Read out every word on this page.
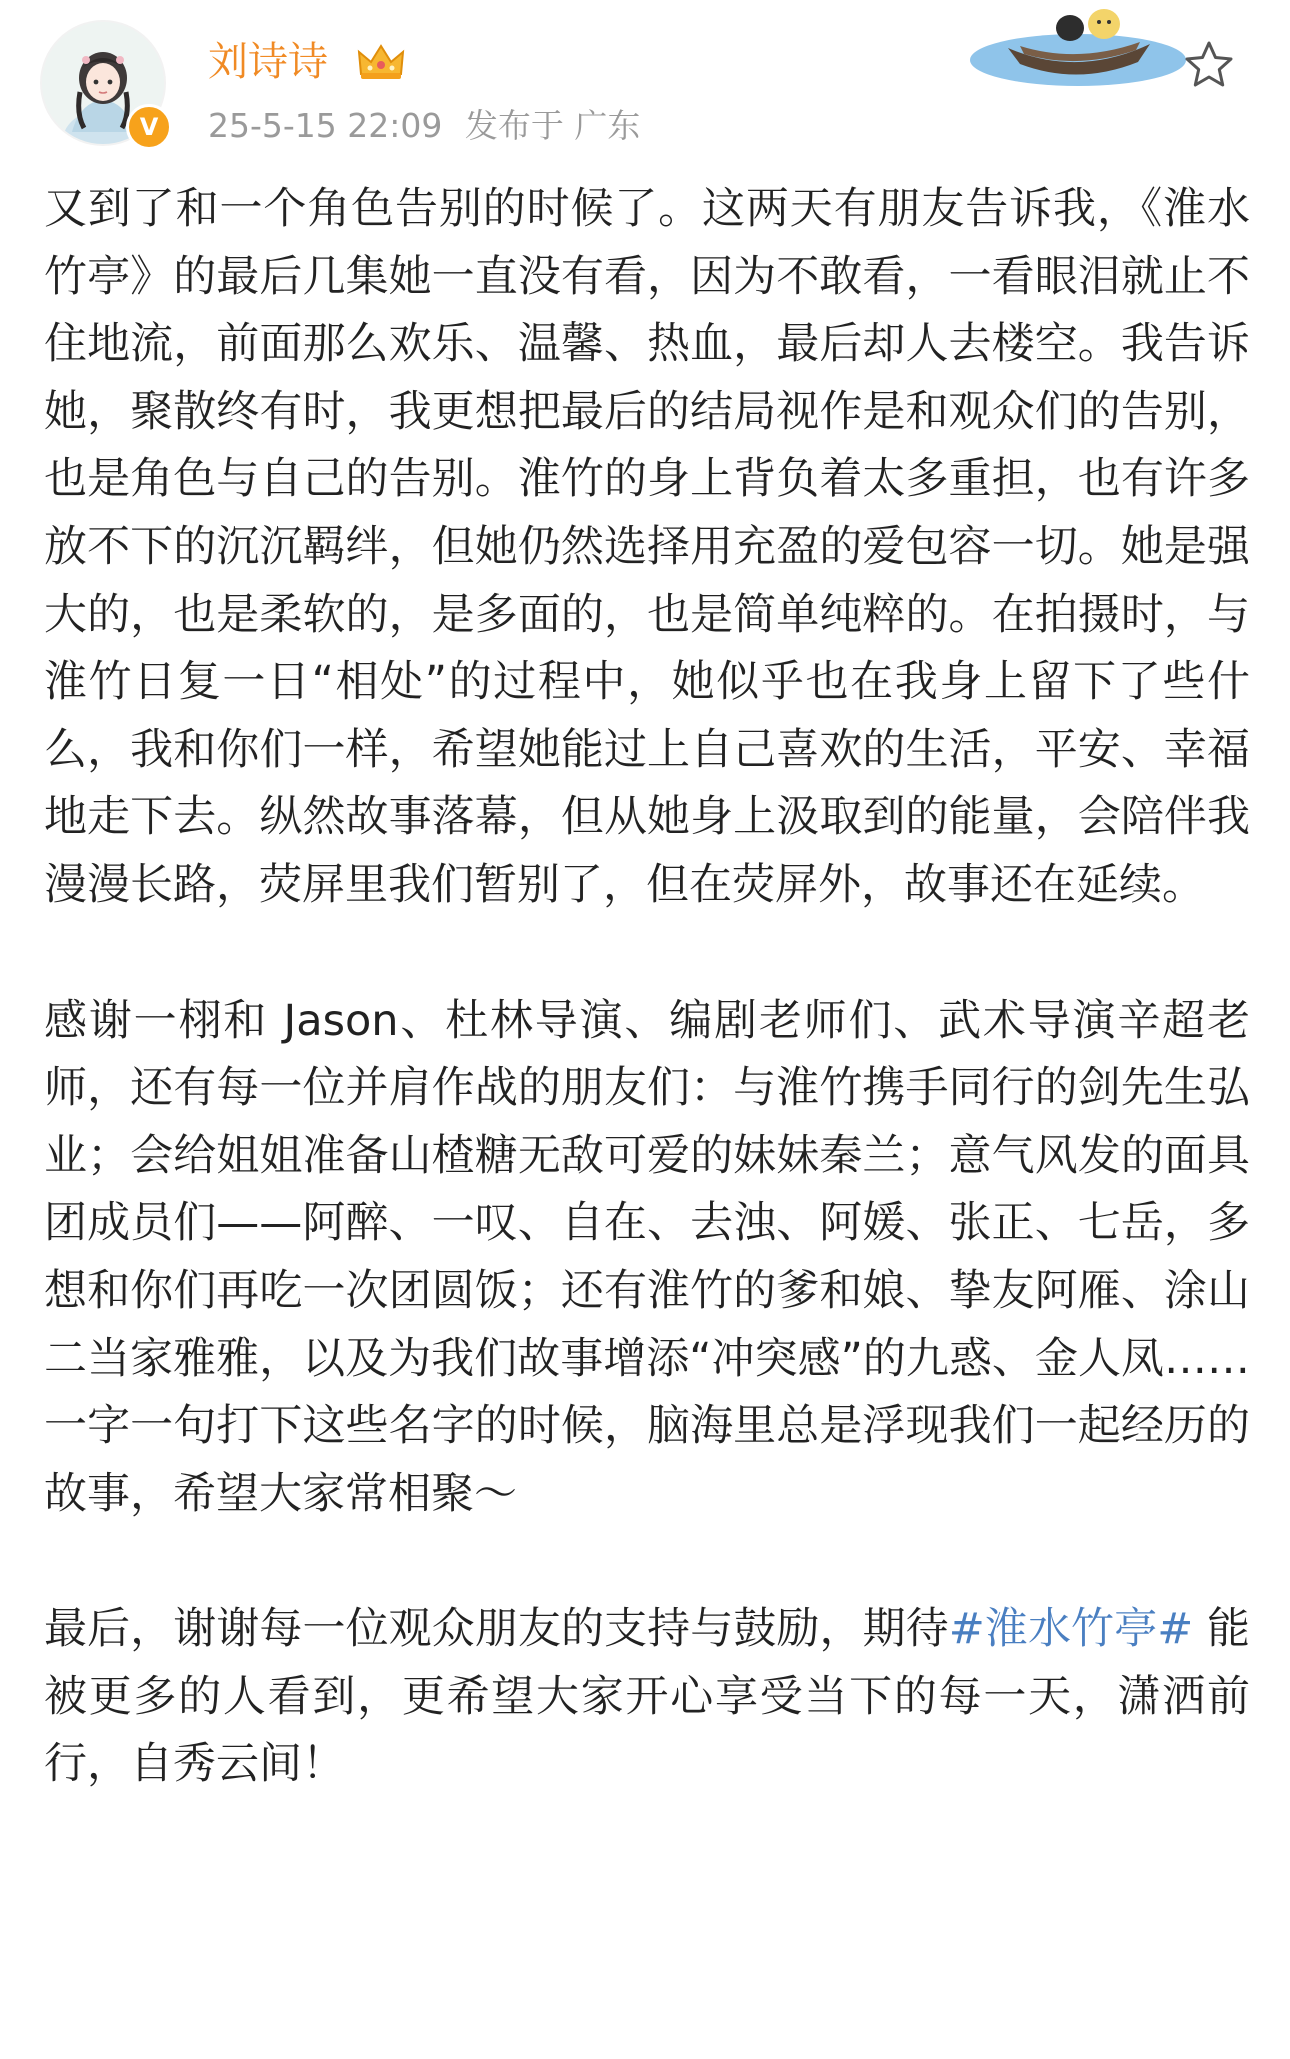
V
刘诗诗
25-5-15 22:09 发布于 广东

又到了和一个角色告别的时候了。这两天有朋友告诉我，《淮水竹亭》的最后几集她一直没有看，因为不敢看，一看眼泪就止不住地流，前面那么欢乐、温馨、热血，最后却人去楼空。我告诉她，聚散终有时，我更想把最后的结局视作是和观众们的告别，也是角色与自己的告别。淮竹的身上背负着太多重担，也有许多放不下的沉沉羁绊，但她仍然选择用充盈的爱包容一切。她是强大的，也是柔软的，是多面的，也是简单纯粹的。在拍摄时，与淮竹日复一日“相处”的过程中，她似乎也在我身上留下了些什么，我和你们一样，希望她能过上自己喜欢的生活，平安、幸福地走下去。纵然故事落幕，但从她身上汲取到的能量，会陪伴我漫漫长路，荧屏里我们暂别了，但在荧屏外，故事还在延续。

感谢一栩和 Jason、杜林导演、编剧老师们、武术导演辛超老师，还有每一位并肩作战的朋友们：与淮竹携手同行的剑先生弘业；会给姐姐准备山楂糖无敌可爱的妹妹秦兰；意气风发的面具团成员们——阿醉、一叹、自在、去浊、阿媛、张正、七岳，多想和你们再吃一次团圆饭；还有淮竹的爹和娘、挚友阿雁、涂山二当家雅雅，以及为我们故事增添“冲突感”的九惑、金人凤……一字一句打下这些名字的时候，脑海里总是浮现我们一起经历的故事，希望大家常相聚～

最后，谢谢每一位观众朋友的支持与鼓励，期待#淮水竹亭# 能被更多的人看到，更希望大家开心享受当下的每一天，潇洒前行，自秀云间！
